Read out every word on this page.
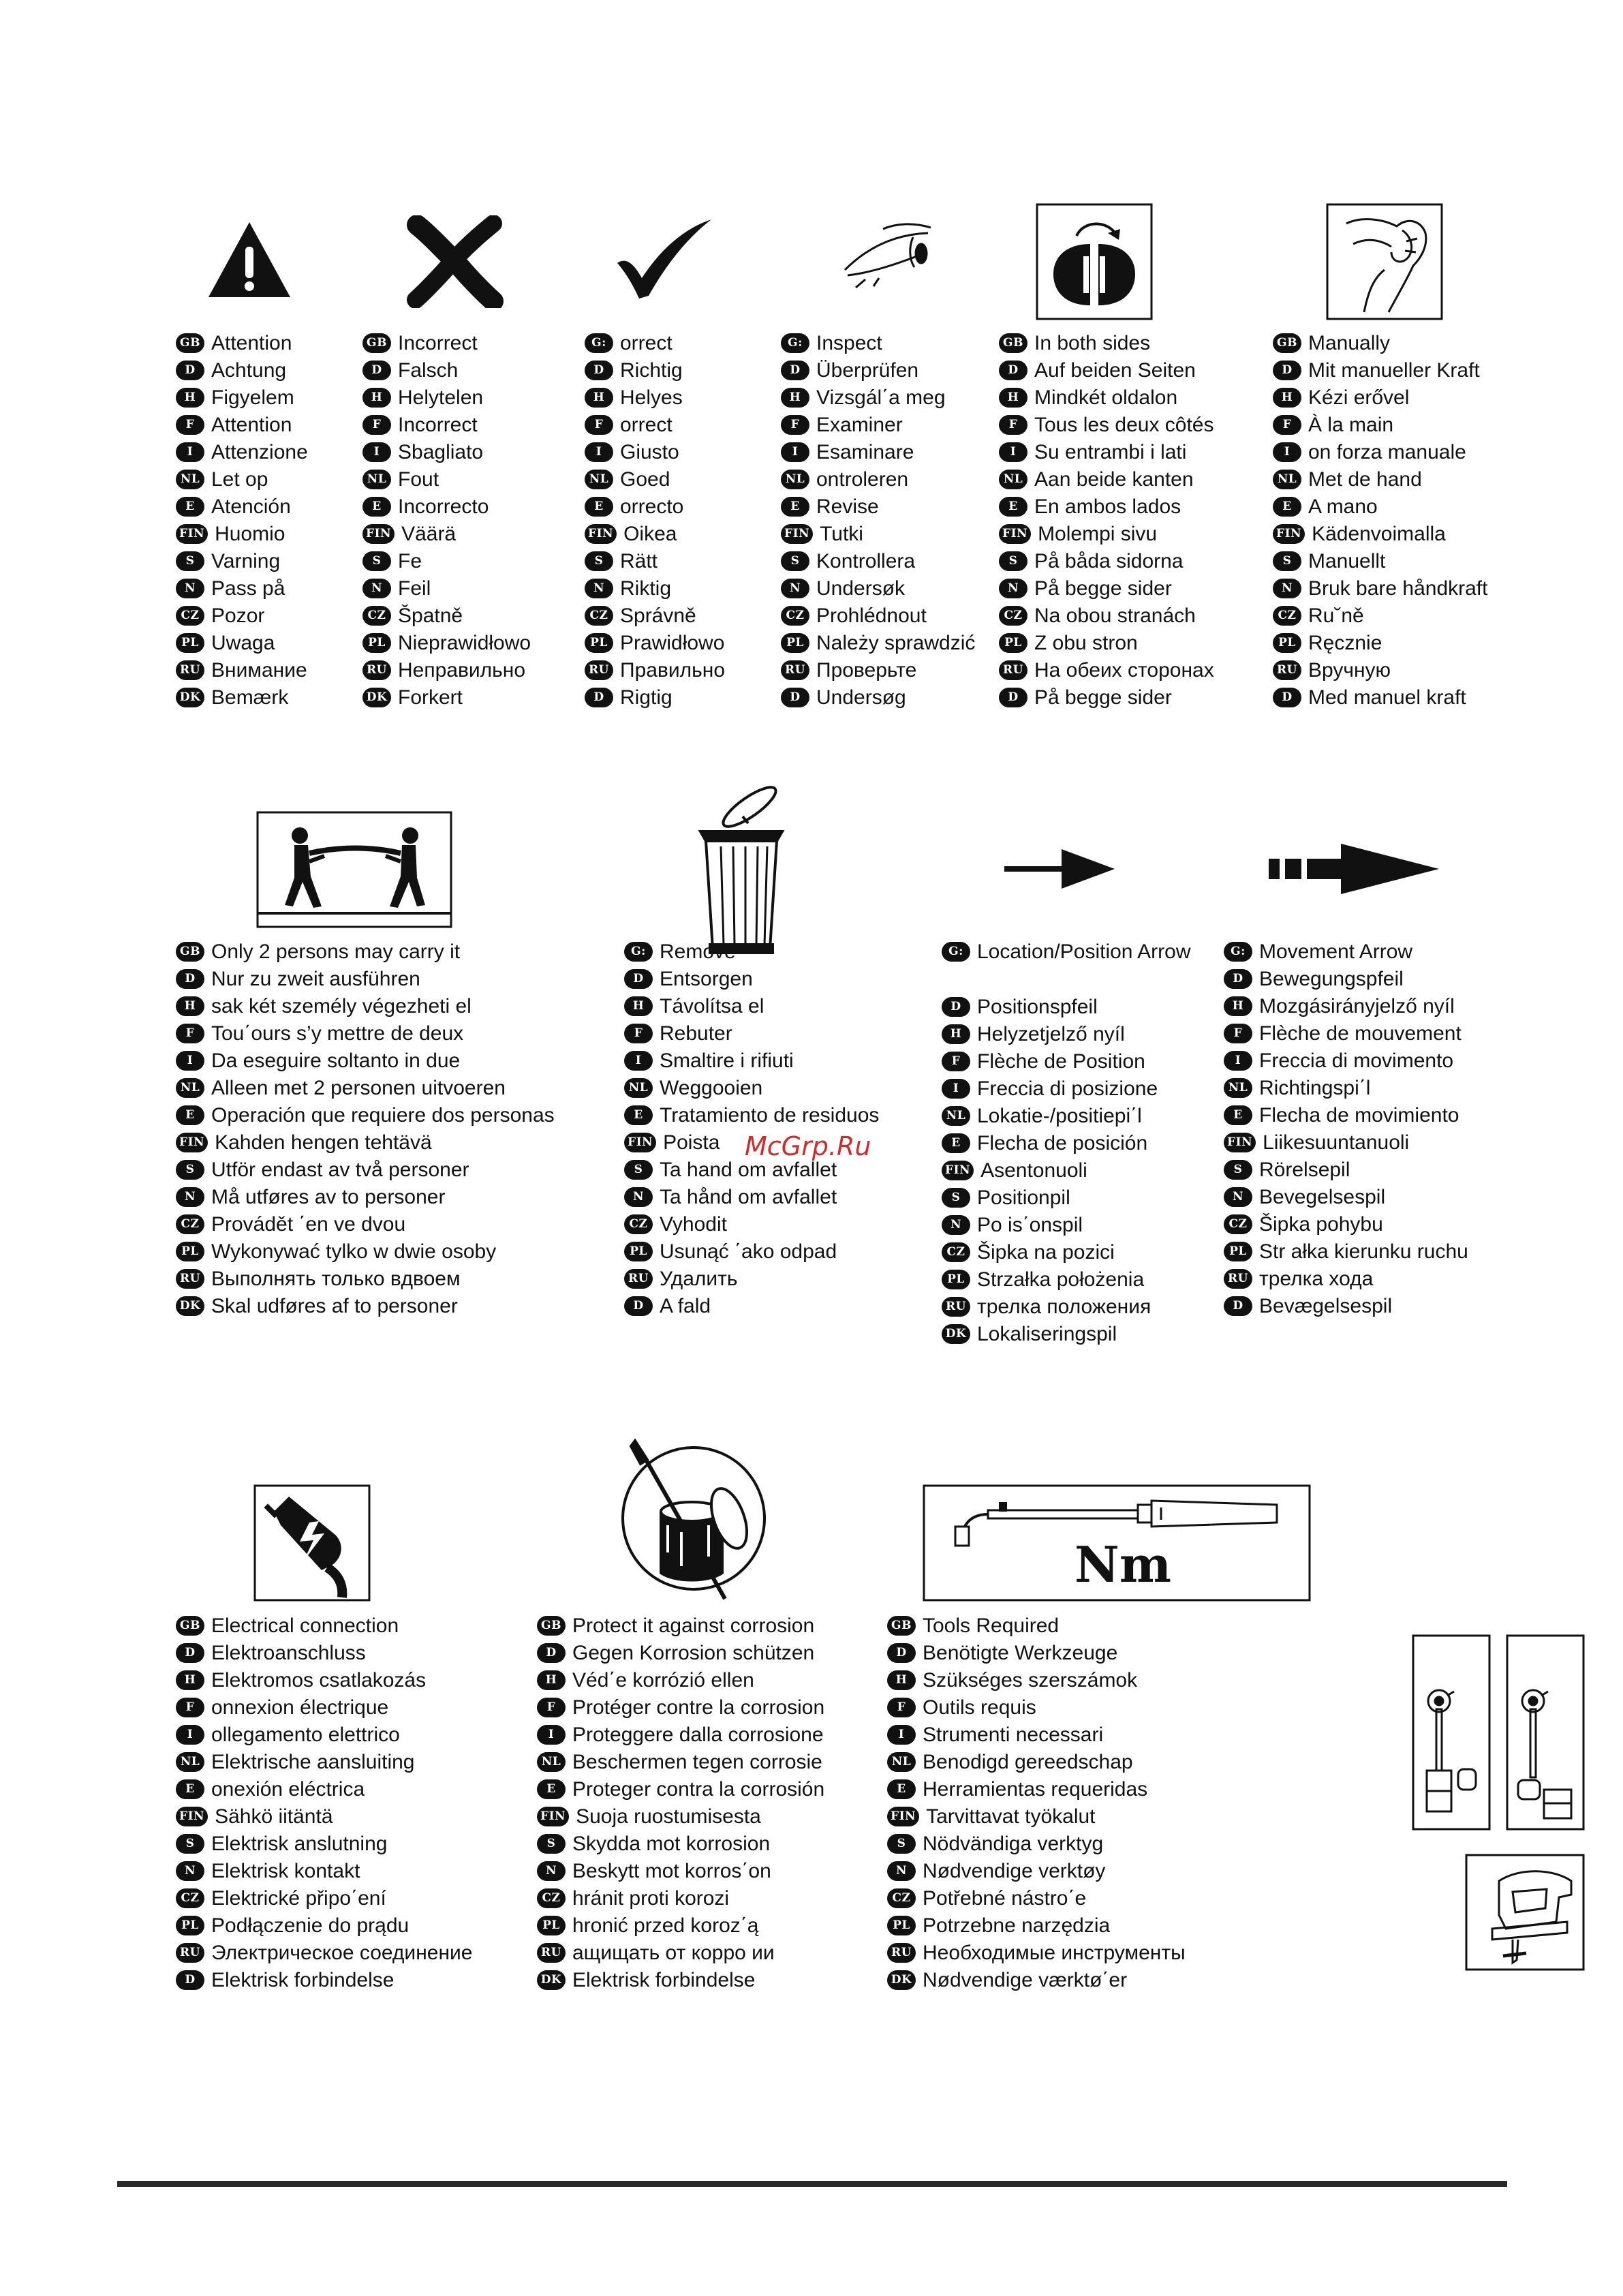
GB Attention
D Achtung
H Figyelem
F Attention
I Attenzione
NL Let op
E Atención
FIN Huomio
S Varning
N Pass på
CZ Pozor
PL Uwaga
RU Внимание
DK Bemærk
GB Incorrect
D Falsch
H Helytelen
F Incorrect
I Sbagliato
NL Fout
E Incorrecto
FIN Väärä
S Fe
N Feil
CZ Špatně
PL Nieprawidłowo
RU Неправильно
DK Forkert
G: orrect
D Richtig
H Helyes
F orrect
I Giusto
NL Goed
E orrecto
FIN Oikea
S Rätt
N Riktig
CZ Správně
PL Prawidłowo
RU Правильно
D Rigtig
G: Inspect
D Überprüfen
H Vizsgál΄a meg
F Examiner
I Esaminare
NL ontroleren
E Revise
FIN Tutki
S Kontrollera
N Undersøk
CZ Prohlédnout
PL Należy sprawdzić
RU Проверьте
D Undersøg
GB In both sides
D Auf beiden Seiten
H Mindkét oldalon
F Tous les deux côtés
I Su entrambi i lati
NL Aan beide kanten
E En ambos lados
FIN Molempi sivu
S På båda sidorna
N På begge sider
CZ Na obou stranách
PL Z obu stron
RU На обеих сторонах
D På begge sider
GB Manually
D Mit manueller Kraft
H Kézi erővel
F À la main
I on forza manuale
NL Met de hand
E A mano
FIN Kädenvoimalla
S Manuellt
N Bruk bare håndkraft
CZ Ru˘ně
PL Ręcznie
RU Вручную
D Med manuel kraft
GB Only 2 persons may carry it
D Nur zu zweit ausführen
H sak két személy végezheti el
F Tou΄ours s’y mettre de deux
I Da eseguire soltanto in due
NL Alleen met 2 personen uitvoeren
E Operación que requiere dos personas
FIN Kahden hengen tehtävä
S Utför endast av två personer
N Må utføres av to personer
CZ Provádět ΄en ve dvou
PL Wykonywać tylko w dwie osoby
RU Выполнять только вдвоем
DK Skal udføres af to personer
G: Remove
D Entsorgen
H Távolítsa el
F Rebuter
I Smaltire i rifiuti
NL Weggooien
E Tratamiento de residuos
FIN Poista
S Ta hand om avfallet
N Ta hånd om avfallet
CZ Vyhodit
PL Usunąć ΄ako odpad
RU Удалить
D A fald
G: Location/Position Arrow
D Positionspfeil
H Helyzetjelző nyíl
F Flèche de Position
I Freccia di posizione
NL Lokatie-/positiepi΄l
E Flecha de posición
FIN Asentonuoli
S Positionpil
N Po is΄onspil
CZ Šipka na pozici
PL Strzałka położenia
RU трелка положения
DK Lokaliseringspil
G: Movement Arrow
D Bewegungspfeil
H Mozgásirányjelző nyíl
F Flèche de mouvement
I Freccia di movimento
NL Richtingspi΄l
E Flecha de movimiento
FIN Liikesuuntanuoli
S Rörelsepil
N Bevegelsespil
CZ Šipka pohybu
PL Str ałka kierunku ruchu
RU трелка хода
D Bevægelsespil
McGrp.Ru
Nm
GB Electrical connection
D Elektroanschluss
H Elektromos csatlakozás
F onnexion électrique
I ollegamento elettrico
NL Elektrische aansluiting
E onexión eléctrica
FIN Sähkö iitäntä
S Elektrisk anslutning
N Elektrisk kontakt
CZ Elektrické připo΄ení
PL Podłączenie do prądu
RU Электрическое соединение
D Elektrisk forbindelse
GB Protect it against corrosion
D Gegen Korrosion schützen
H Véd΄e korrózió ellen
F Protéger contre la corrosion
I Proteggere dalla corrosione
NL Beschermen tegen corrosie
E Proteger contra la corrosión
FIN Suoja ruostumisesta
S Skydda mot korrosion
N Beskytt mot korros΄on
CZ hránit proti korozi
PL hronić przed koroz΄ą
RU ащищать от корро ии
DK Elektrisk forbindelse
GB Tools Required
D Benötigte Werkzeuge
H Szükséges szerszámok
F Outils requis
I Strumenti necessari
NL Benodigd gereedschap
E Herramientas requeridas
FIN Tarvittavat työkalut
S Nödvändiga verktyg
N Nødvendige verktøy
CZ Potřebné nástro΄e
PL Potrzebne narzędzia
RU Необходимые инструменты
DK Nødvendige værktø΄er
